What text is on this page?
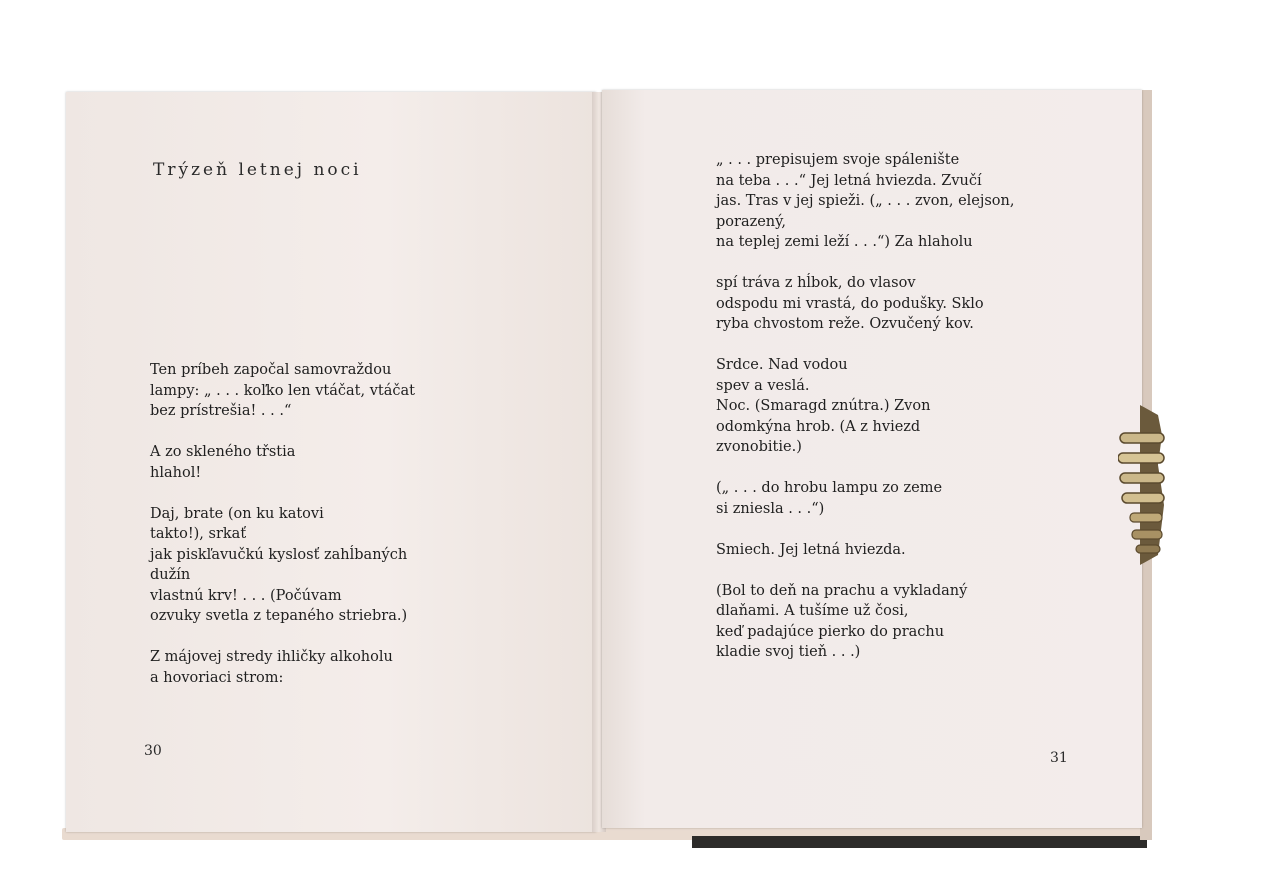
Trýzeň letnej noci
Ten príbeh započal samovraždou
lampy: „ . . . koľko len vtáčat, vtáčat
bez prístrešia! . . .“
A zo skleného třstia
hlahol!
Daj, brate (on ku katovi
takto!), srkať
jak piskľavučkú kyslosť zahĺbaných
dužín
vlastnú krv! . . . (Počúvam
ozvuky svetla z tepaného striebra.)
Z májovej stredy ihličky alkoholu
a hovoriaci strom:
30
„ . . . prepisujem svoje spálenište
na teba . . .“ Jej letná hviezda. Zvučí
jas. Tras v jej spieži. („ . . . zvon, elejson,
porazený,
na teplej zemi leží . . .“) Za hlaholu
spí tráva z hĺbok, do vlasov
odspodu mi vrastá, do podušky. Sklo
ryba chvostom reže. Ozvučený kov.
Srdce. Nad vodou
spev a veslá.
Noc. (Smaragd znútra.) Zvon
odomkýna hrob. (A z hviezd
zvonobitie.)
(„ . . . do hrobu lampu zo zeme
si zniesla . . .“)
Smiech. Jej letná hviezda.
(Bol to deň na prachu a vykladaný
dlaňami. A tušíme už čosi,
keď padajúce pierko do prachu
kladie svoj tieň . . .)
31
